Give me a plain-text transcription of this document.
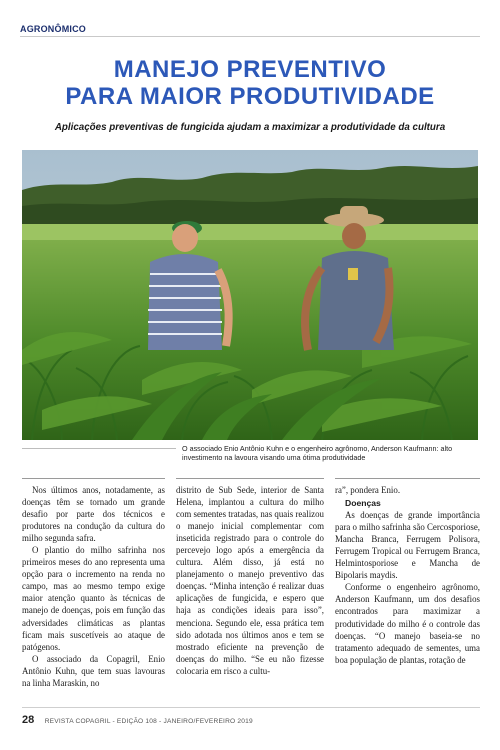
AGRONÔMICO
MANEJO PREVENTIVO
PARA MAIOR PRODUTIVIDADE
Aplicações preventivas de fungicida ajudam a maximizar a produtividade da cultura
O associado Enio Antônio Kuhn e o engenheiro agrônomo, Anderson Kaufmann: alto investimento na lavoura visando uma ótima produtividade

Nos últimos anos, notadamente, as doenças têm se tornado um grande desafio por parte dos técnicos e produtores na condução da cultura do milho segunda safra.

O plantio do milho safrinha nos primeiros meses do ano representa uma opção para o incremento na renda no campo, mas ao mesmo tempo exige maior atenção quanto às técnicas de manejo de doenças, pois em função das adversidades climáticas as plantas ficam mais suscetíveis ao ataque de patógenos.

O associado da Copagril, Enio Antônio Kuhn, que tem suas lavouras na linha Maraskin, no

distrito de Sub Sede, interior de Santa Helena, implantou a cultura do milho com sementes tratadas, nas quais realizou o manejo inicial complementar com inseticida registrado para o controle do percevejo logo após a emergência da cultura. Além disso, já está no planejamento o manejo preventivo das doenças. “Minha intenção é realizar duas aplicações de fungicida, e espero que haja as condições ideais para isso”, menciona. Segundo ele, essa prática tem sido adotada nos últimos anos e tem se mostrado eficiente na prevenção de doenças do milho. “Se eu não fizesse colocaria em risco a cultu-

ra”, pondera Enio.

Doenças

As doenças de grande importância para o milho safrinha são Cercosporiose, Mancha Branca, Ferrugem Polisora, Ferrugem Tropical ou Ferrugem Branca, Helmintosporiose e Mancha de Bipolaris maydis.

Conforme o engenheiro agrônomo, Anderson Kaufmann, um dos desafios encontrados para maximizar a produtividade do milho é o controle das doenças. “O manejo baseia-se no tratamento adequado de sementes, uma boa população de plantas, rotação de

28 REVISTA COPAGRIL - EDIÇÃO 108 - JANEIRO/FEVEREIRO 2019
